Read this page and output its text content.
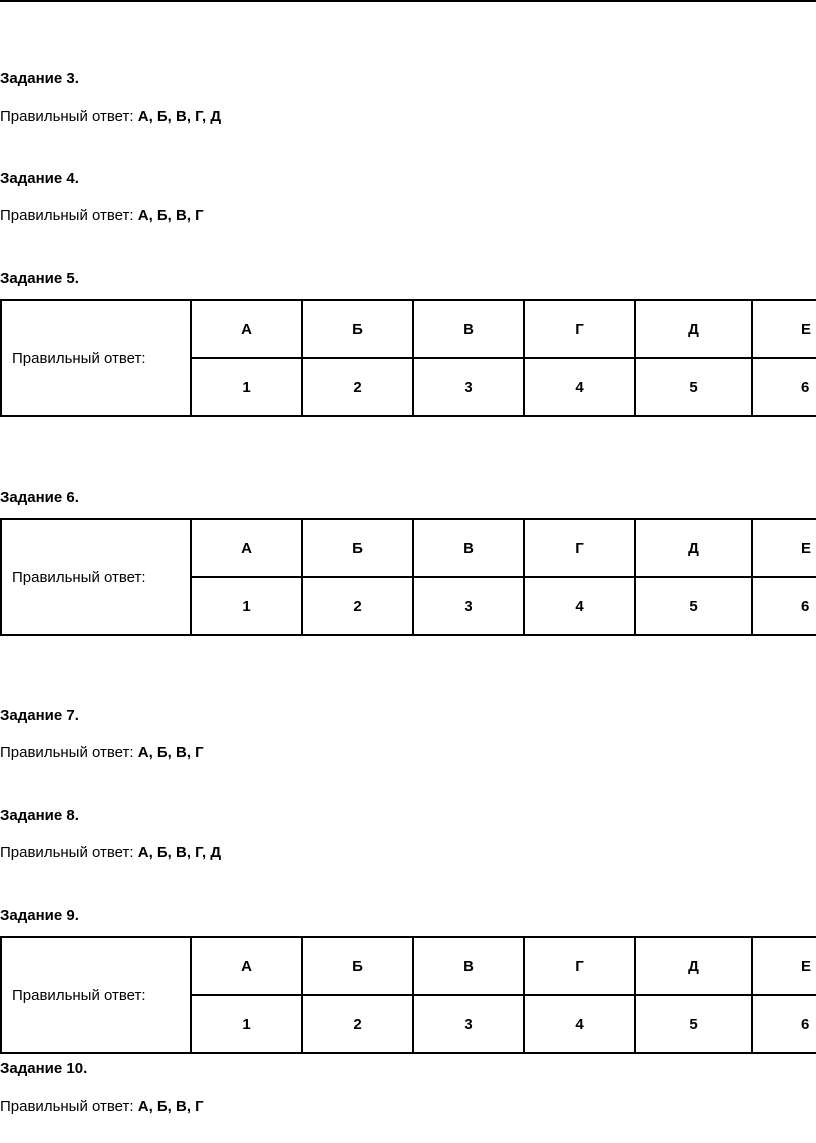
Задание 3.
Правильный ответ: А, Б, В, Г, Д
Задание 4.
Правильный ответ: А, Б, В, Г
Задание 5.
Правильный ответ:	А	Б	В	Г	Д	Е
	1	2	3	4	5	6
Задание 6.
Правильный ответ:	А	Б	В	Г	Д	Е
	1	2	3	4	5	6
Задание 7.
Правильный ответ: А, Б, В, Г
Задание 8.
Правильный ответ: А, Б, В, Г, Д
Задание 9.
Правильный ответ:	А	Б	В	Г	Д	Е
	1	2	3	4	5	6
Задание 10.
Правильный ответ: А, Б, В, Г
